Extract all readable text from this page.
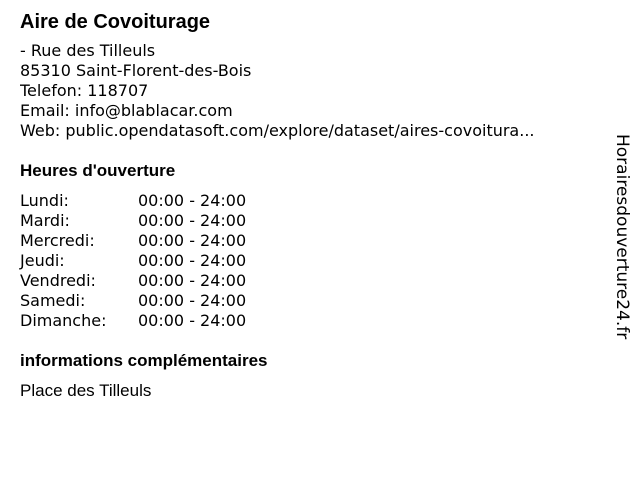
Aire de Covoiturage
- Rue des Tilleuls
85310 Saint-Florent-des-Bois
Telefon: 118707
Email: info@blablacar.com
Web: public.opendatasoft.com/explore/dataset/aires-covoitura...
Heures d'ouverture
Lundi:	00:00 - 24:00
Mardi:	00:00 - 24:00
Mercredi:	00:00 - 24:00
Jeudi:	00:00 - 24:00
Vendredi:	00:00 - 24:00
Samedi:	00:00 - 24:00
Dimanche:	00:00 - 24:00
informations complémentaires
Place des Tilleuls
Horairesdouverture24.fr
